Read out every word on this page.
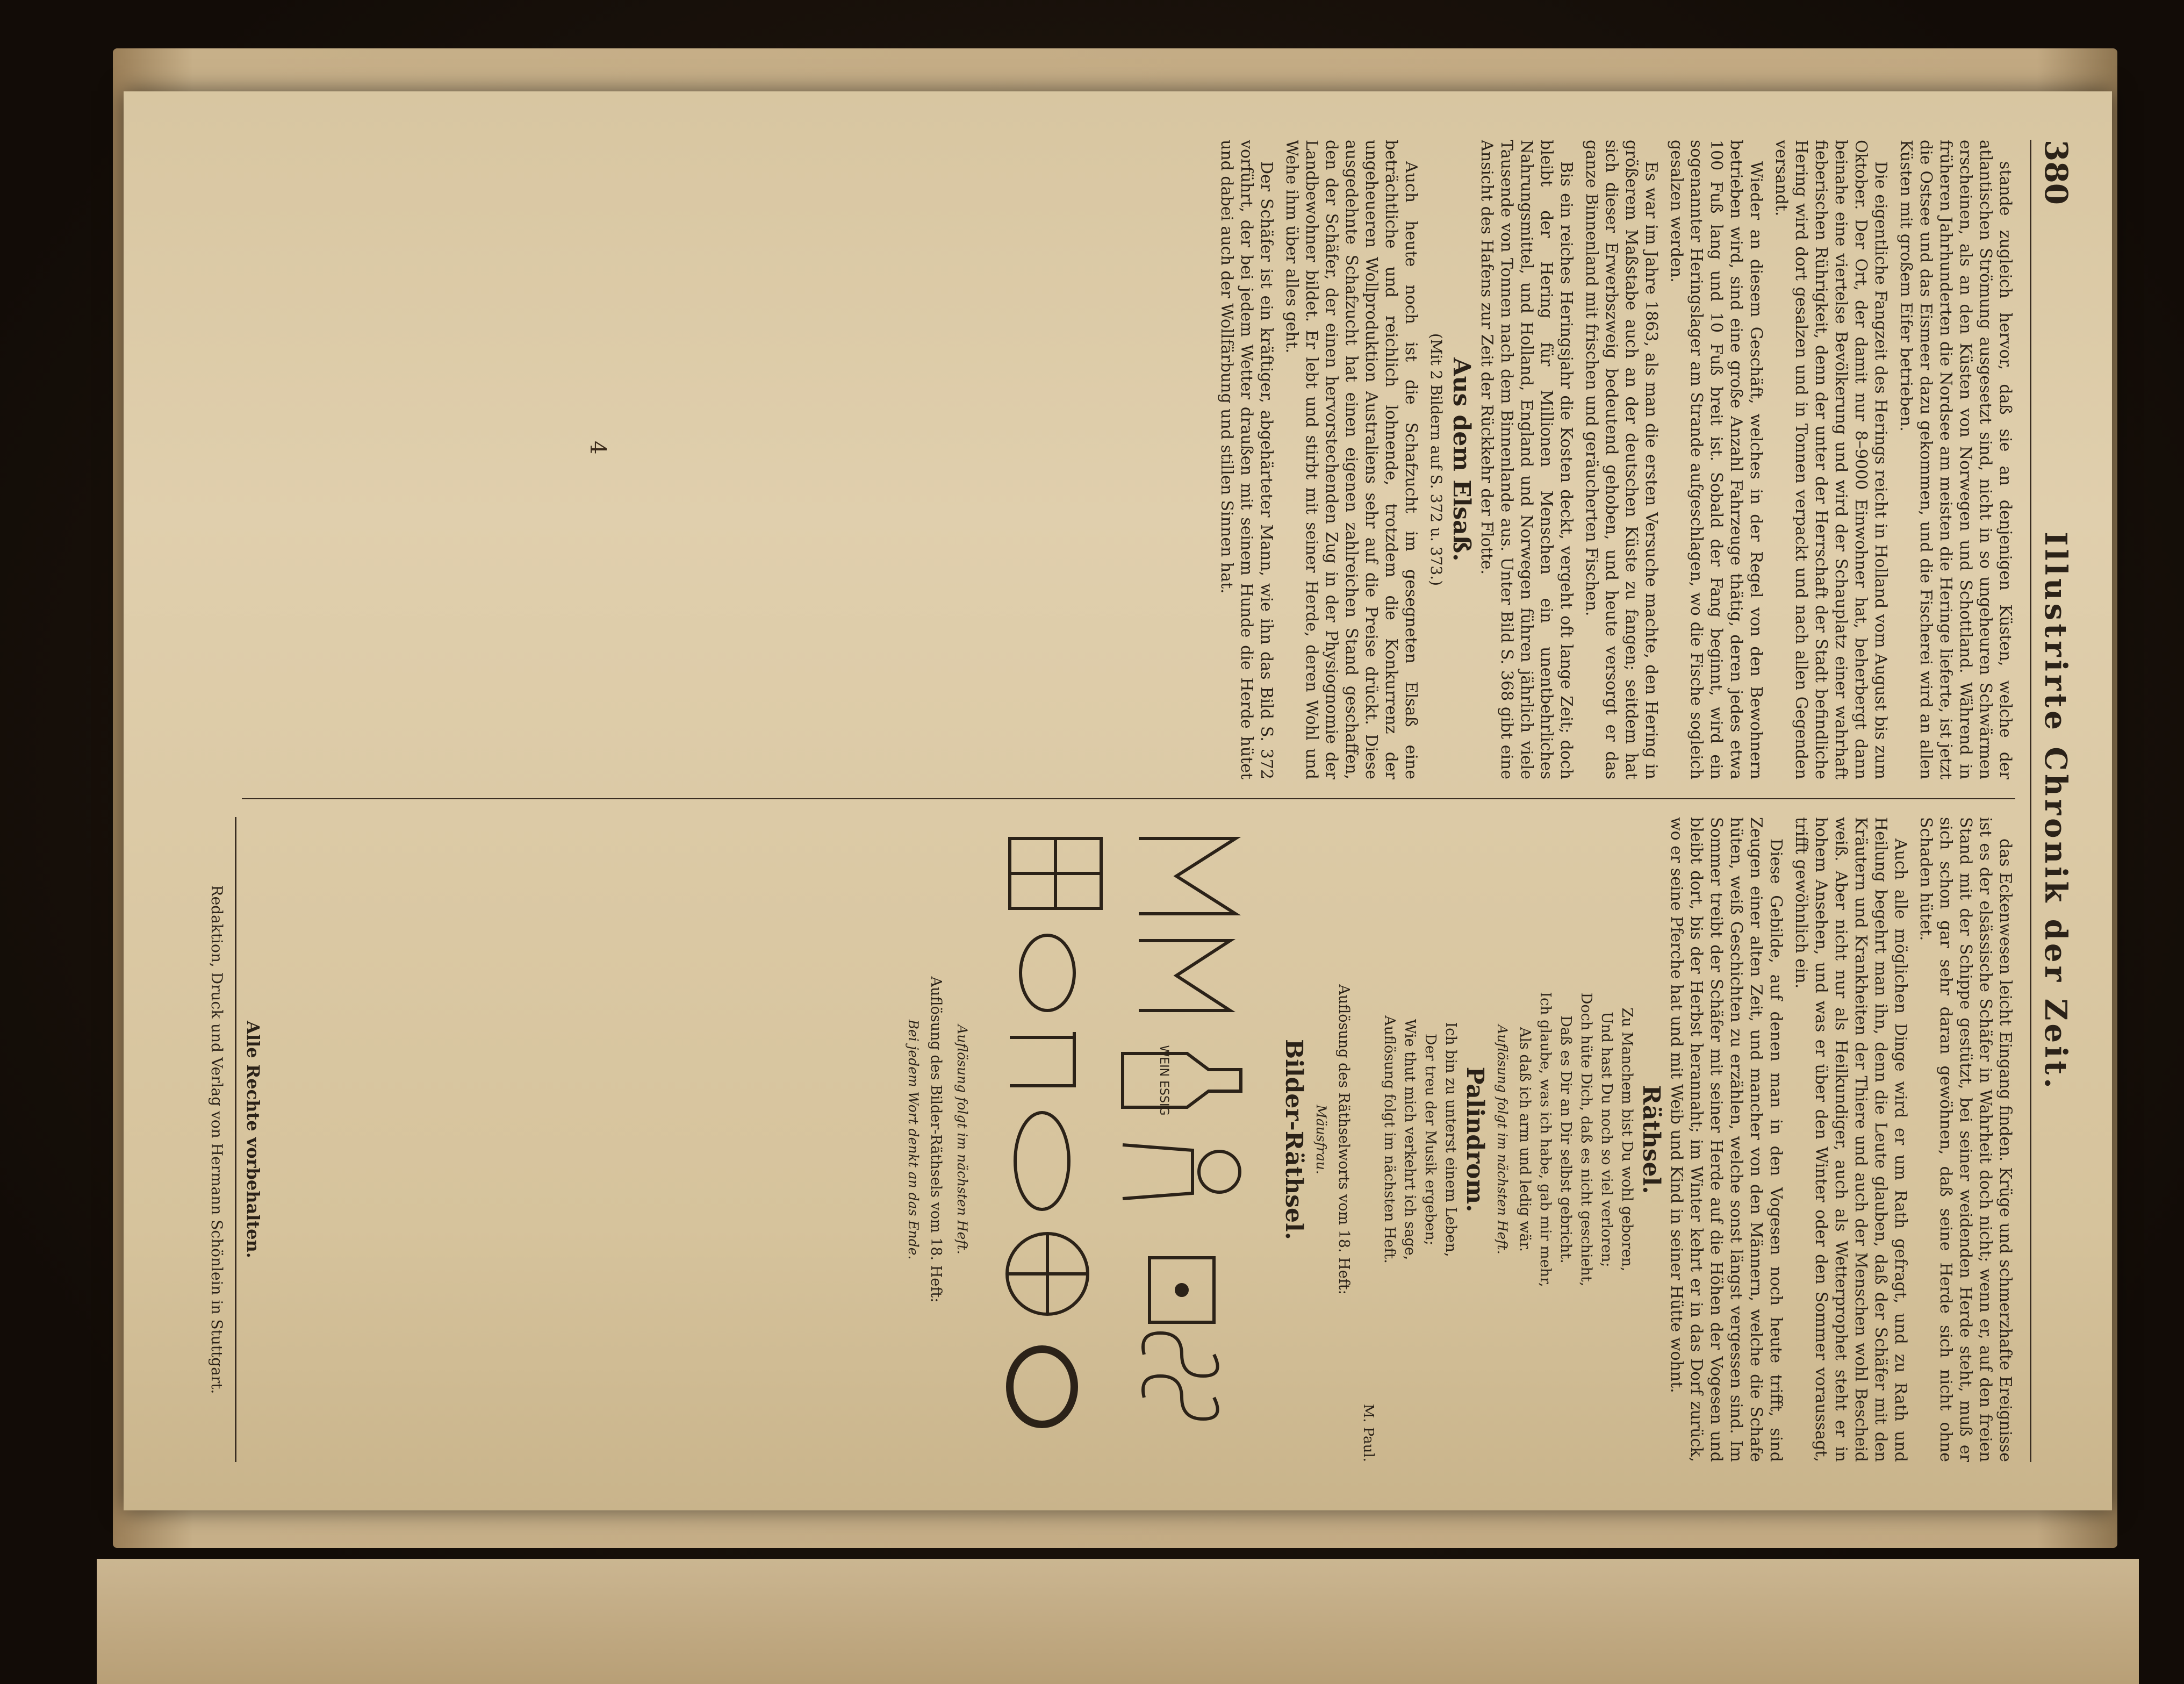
380
Illustrirte Chronik der Zeit.

stande zugleich hervor, daß sie an denjenigen Küsten, welche der atlantischen Strömung ausgesetzt sind, nicht in so ungeheuren Schwärmen erscheinen, als an den Küsten von Norwegen und Schottland. Während in früheren Jahrhunderten die Nordsee am meisten die Heringe lieferte, ist jetzt die Ostsee und das Eismeer dazu gekommen, und die Fischerei wird an allen Küsten mit großem Eifer betrieben.

Die eigentliche Fangzeit des Herings reicht in Holland vom August bis zum Oktober. Der Ort, der damit nur 8–9000 Einwohner hat, beherbergt dann beinahe eine viertelse Bevölkerung und wird der Schauplatz einer wahrhaft fieberischen Rührigkeit, denn der unter der Herrschaft der Stadt befindliche Hering wird dort gesalzen und in Tonnen verpackt und nach allen Gegenden versandt.

Wieder an diesem Geschäft, welches in der Regel von den Bewohnern betrieben wird, sind eine große Anzahl Fahrzeuge thätig, deren jedes etwa 100 Fuß lang und 10 Fuß breit ist. Sobald der Fang beginnt, wird ein sogenannter Heringslager am Strande aufgeschlagen, wo die Fische sogleich gesalzen werden.

Es war im Jahre 1863, als man die ersten Versuche machte, den Hering in größerem Maßstabe auch an der deutschen Küste zu fangen; seitdem hat sich dieser Erwerbszweig bedeutend gehoben, und heute versorgt er das ganze Binnenland mit frischen und geräucherten Fischen.

Bis ein reiches Heringsjahr die Kosten deckt, vergeht oft lange Zeit; doch bleibt der Hering für Millionen Menschen ein unentbehrliches Nahrungsmittel, und Holland, England und Norwegen führen jährlich viele Tausende von Tonnen nach dem Binnenlande aus. Unter Bild S. 368 gibt eine Ansicht des Hafens zur Zeit der Rückkehr der Flotte.

Aus dem Elsaß.

(Mit 2 Bildern auf S. 372 u. 373.)

Auch heute noch ist die Schafzucht im gesegneten Elsaß eine beträchtliche und reichlich lohnende, trotzdem die Konkurrenz der ungeheueren Wollproduktion Australiens sehr auf die Preise drückt. Diese ausgedehnte Schafzucht hat einen eigenen zahlreichen Stand geschaffen, den der Schäfer, der einen hervorstechenden Zug in der Physiognomie der Landbewohner bildet. Er lebt und stirbt mit seiner Herde, deren Wohl und Wehe ihm über alles geht.

Der Schäfer ist ein kräftiger, abgehärteter Mann, wie ihn das Bild S. 372 vorführt, der bei jedem Wetter draußen mit seinem Hunde die Herde hütet und dabei auch der Wollfärbung und stillen Sinnen hat.

4

das Eckenwesen leicht Eingang finden. Krüge und schmerzhafte Ereignisse ist es der elsässische Schäfer in Wahrheit doch nicht; wenn er, auf den freien Stand mit der Schippe gestützt, bei seiner weidenden Herde steht, muß er sich schon gar sehr daran gewöhnen, daß seine Herde sich nicht ohne Schaden hütet.

Auch alle möglichen Dinge wird er um Rath gefragt, und zu Rath und Heilung begehrt man ihn, denn die Leute glauben, daß der Schäfer mit den Kräutern und Krankheiten der Thiere und auch der Menschen wohl Bescheid weiß. Aber nicht nur als Heilkundiger, auch als Wetterprophet steht er in hohem Ansehen, und was er über den Winter oder den Sommer voraussagt, trifft gewöhnlich ein.

Diese Gebilde, auf denen man in den Vogesen noch heute trifft, sind Zeugen einer alten Zeit, und mancher von den Männern, welche die Schafe hüten, weiß Geschichten zu erzählen, welche sonst längst vergessen sind. Im Sommer treibt der Schäfer mit seiner Herde auf die Höhen der Vogesen und bleibt dort, bis der Herbst herannaht; im Winter kehrt er in das Dorf zurück, wo er seine Pferche hat und mit Weib und Kind in seiner Hütte wohnt.

Räthsel.

Zu Manchem bist Du wohl geboren,
Und hast Du noch so viel verloren;
Doch hüte Dich, daß es nicht geschieht,
Daß es Dir an Dir selbst gebricht.
Ich glaube, was ich habe, gab mir mehr,
Als daß ich arm und ledig wär.
Auflösung folgt im nächsten Heft.

Palindrom.

Ich bin zu unterst einem Leben,
Der treu der Musik ergeben;
Wie thut mich verkehrt ich sage,
Auflösung folgt im nächsten Heft.
M. Paul.
Auflösung des Räthselworts vom 18. Heft:
Mäusfrau.

Bilder-Räthsel.

WEIN ESSIG
Auflösung folgt im nächsten Heft.
Auflösung des Bilder-Räthsels vom 18. Heft:
Bei jedem Wort denkt an das Ende.
Alle Rechte vorbehalten.
Redaktion, Druck und Verlag von Hermann Schönlein in Stuttgart.
